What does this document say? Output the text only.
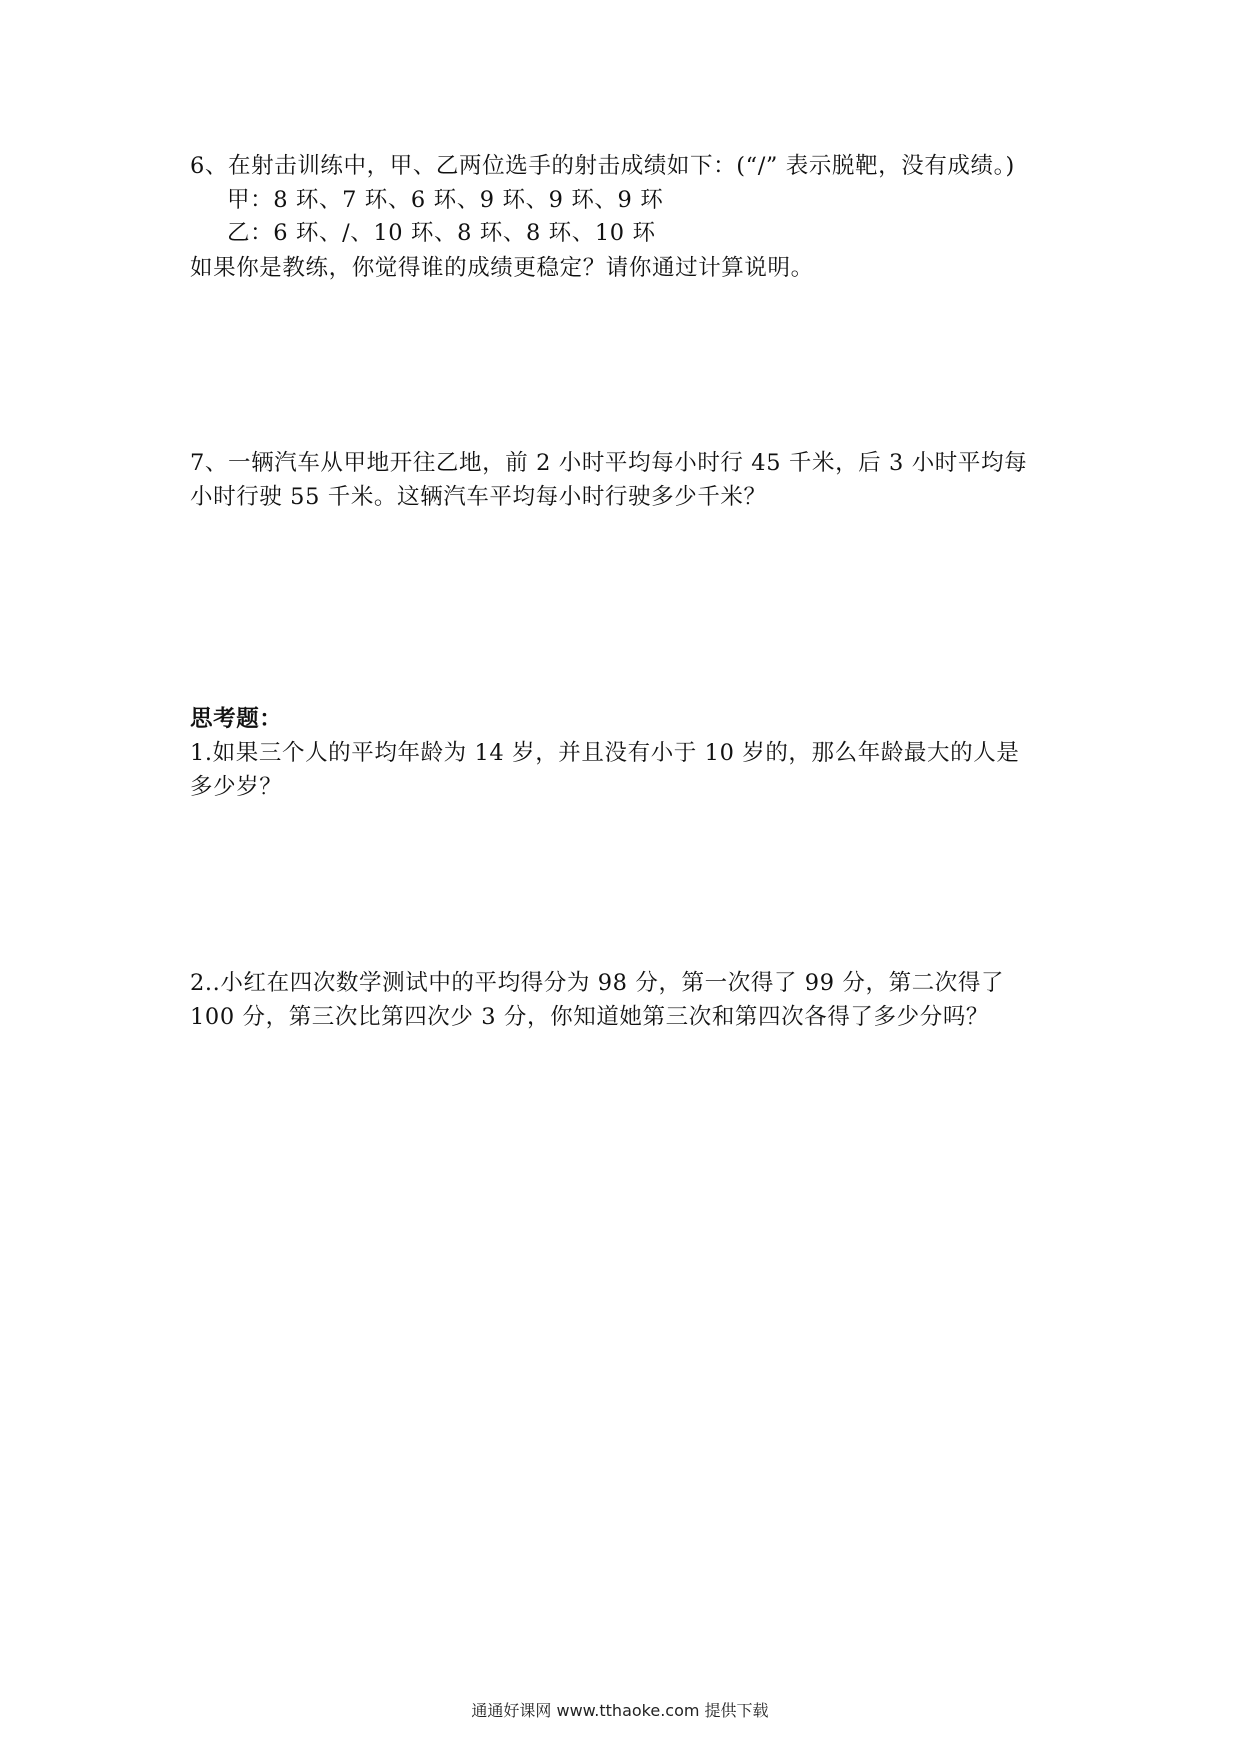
6、在射击训练中，甲、乙两位选手的射击成绩如下：(“/” 表示脱靶，没有成绩。)
甲：8 环、7 环、6 环、9 环、9 环、9 环
乙：6 环、/、10 环、8 环、8 环、10 环
如果你是教练，你觉得谁的成绩更稳定？请你通过计算说明。
7、一辆汽车从甲地开往乙地，前 2 小时平均每小时行 45 千米，后 3 小时平均每
小时行驶 55 千米。这辆汽车平均每小时行驶多少千米？
思考题：
1.如果三个人的平均年龄为 14 岁，并且没有小于 10 岁的，那么年龄最大的人是
多少岁？
2..小红在四次数学测试中的平均得分为 98 分，第一次得了 99 分，第二次得了
100 分，第三次比第四次少 3 分，你知道她第三次和第四次各得了多少分吗？
通通好课网 www.tthaoke.com 提供下载
